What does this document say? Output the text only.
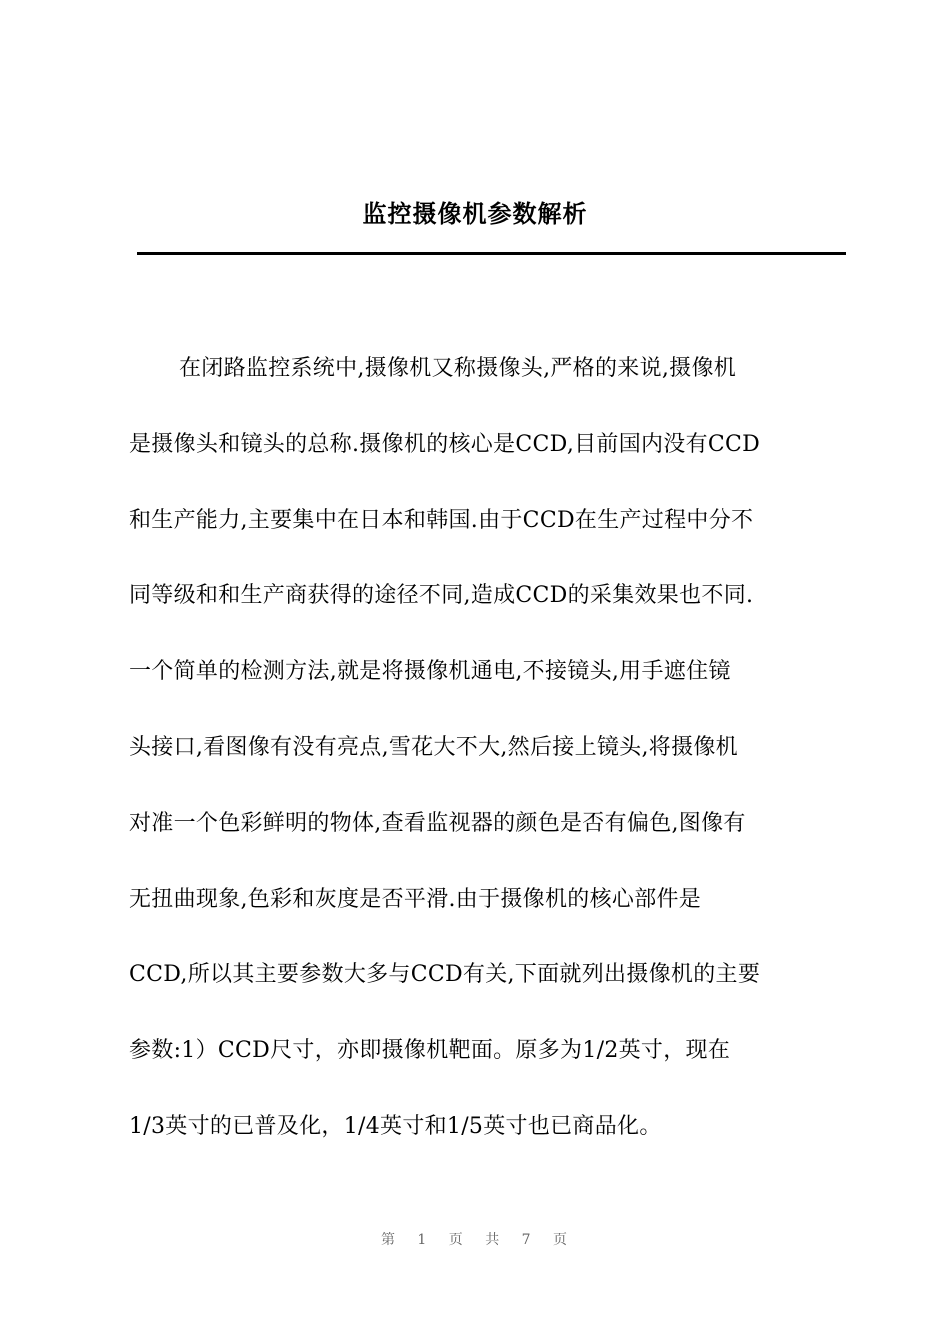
监控摄像机参数解析
在闭路监控系统中,摄像机又称摄像头,严格的来说,摄像机
是摄像头和镜头的总称.摄像机的核心是CCD,目前国内没有CCD
和生产能力,主要集中在日本和韩国.由于CCD在生产过程中分不
同等级和和生产商获得的途径不同,造成CCD的采集效果也不同.
一个简单的检测方法,就是将摄像机通电,不接镜头,用手遮住镜
头接口,看图像有没有亮点,雪花大不大,然后接上镜头,将摄像机
对准一个色彩鲜明的物体,查看监视器的颜色是否有偏色,图像有
无扭曲现象,色彩和灰度是否平滑.由于摄像机的核心部件是
CCD,所以其主要参数大多与CCD有关,下面就列出摄像机的主要
参数:1）CCD尺寸，亦即摄像机靶面。原多为1/2英寸，现在
1/3英寸的已普及化，1/4英寸和1/5英寸也已商品化。
第 1 页 共 7 页
